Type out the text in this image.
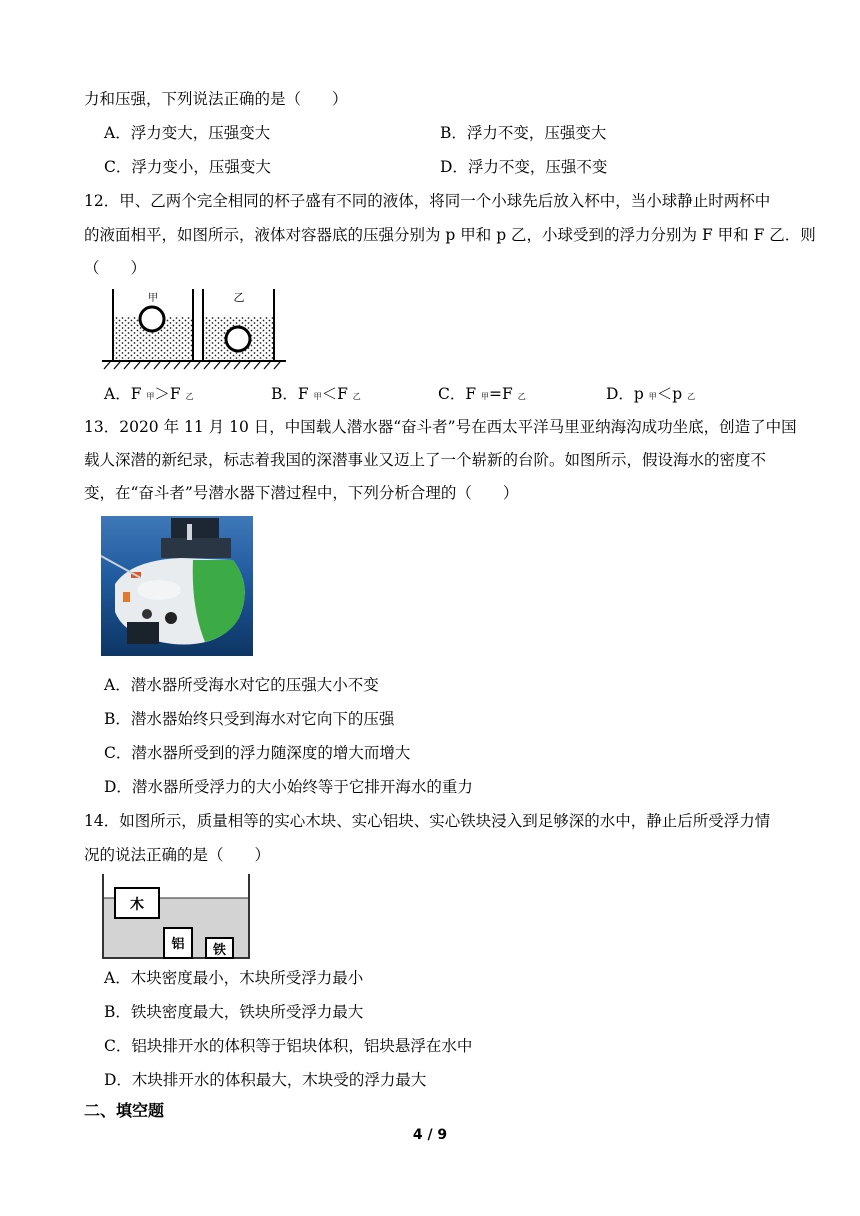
力和压强，下列说法正确的是（　　）
A．浮力变大，压强变大	B．浮力不变，压强变大
C．浮力变小，压强变大	D．浮力不变，压强不变
12．甲、乙两个完全相同的杯子盛有不同的液体，将同一个小球先后放入杯中，当小球静止时两杯中
的液面相平，如图所示，液体对容器底的压强分别为 p 甲和 p 乙，小球受到的浮力分别为 F 甲和 F 乙．则
（　　）
甲	乙
A．F 甲＞F 乙	B．F 甲＜F 乙	C．F 甲=F 乙	D．p 甲＜p 乙
13．2020 年 11 月 10 日，中国载人潜水器“奋斗者”号在西太平洋马里亚纳海沟成功坐底，创造了中国
载人深潜的新纪录，标志着我国的深潜事业又迈上了一个崭新的台阶。如图所示，假设海水的密度不
变，在“奋斗者”号潜水器下潜过程中，下列分析合理的（　　）
A．潜水器所受海水对它的压强大小不变
B．潜水器始终只受到海水对它向下的压强
C．潜水器所受到的浮力随深度的增大而增大
D．潜水器所受浮力的大小始终等于它排开海水的重力
14．如图所示，质量相等的实心木块、实心铝块、实心铁块浸入到足够深的水中，静止后所受浮力情
况的说法正确的是（　　）
木
铝 铁
A．木块密度最小，木块所受浮力最小
B．铁块密度最大，铁块所受浮力最大
C．铝块排开水的体积等于铝块体积，铝块悬浮在水中
D．木块排开水的体积最大，木块受的浮力最大
二、填空题
4 / 9
